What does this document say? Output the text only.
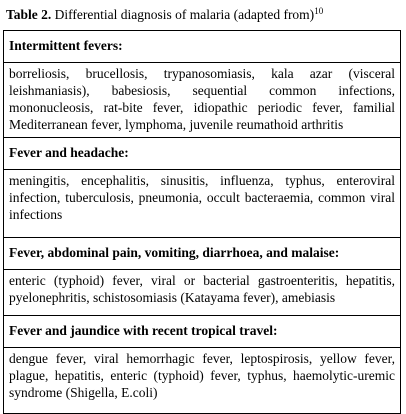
Table 2. Differential diagnosis of malaria (adapted from)$^{10}$
Intermittent fevers:

borreliosis, brucellosis, trypanosomiasis, kala azar (visceral leishmaniasis), babesiosis, sequential common infections, mononucleosis, rat-bite fever, idiopathic periodic fever, familial Mediterranean fever, lymphoma, juvenile reumathoid arthritis

Fever and headache:

meningitis, encephalitis, sinusitis, influenza, typhus, enteroviral infection, tuberculosis, pneumonia, occult bacteraemia, common viral infections

Fever, abdominal pain, vomiting, diarrhoea, and malaise:

enteric (typhoid) fever, viral or bacterial gastroenteritis, hepatitis, pyelonephritis, schistosomiasis (Katayama fever), amebiasis

Fever and jaundice with recent tropical travel:

dengue fever, viral hemorrhagic fever, leptospirosis, yellow fever, plague, hepatitis, enteric (typhoid) fever, typhus, haemolytic-uremic syndrome (Shigella, E.coli)
